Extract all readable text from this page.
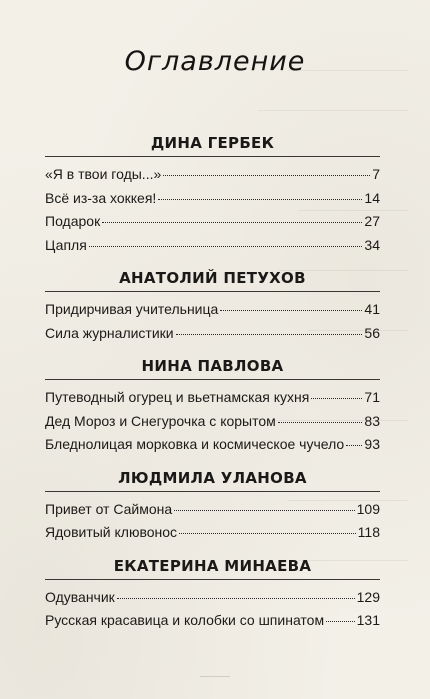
Оглавление
ДИНА ГЕРБЕК
«Я в твои годы...»	7
Всё из-за хоккея!	14
Подарок	27
Цапля	34
АНАТОЛИЙ ПЕТУХОВ
Придирчивая учительница	41
Сила журналистики	56
НИНА ПАВЛОВА
Путеводный огурец и вьетнамская кухня	71
Дед Мороз и Снегурочка с корытом	83
Бледнолицая морковка и космическое чучело 93
ЛЮДМИЛА УЛАНОВА
Привет от Саймона	109
Ядовитый клювонос	118
ЕКАТЕРИНА МИНАЕВА
Одуванчик	129
Русская красавица и колобки со шпинатом 131
